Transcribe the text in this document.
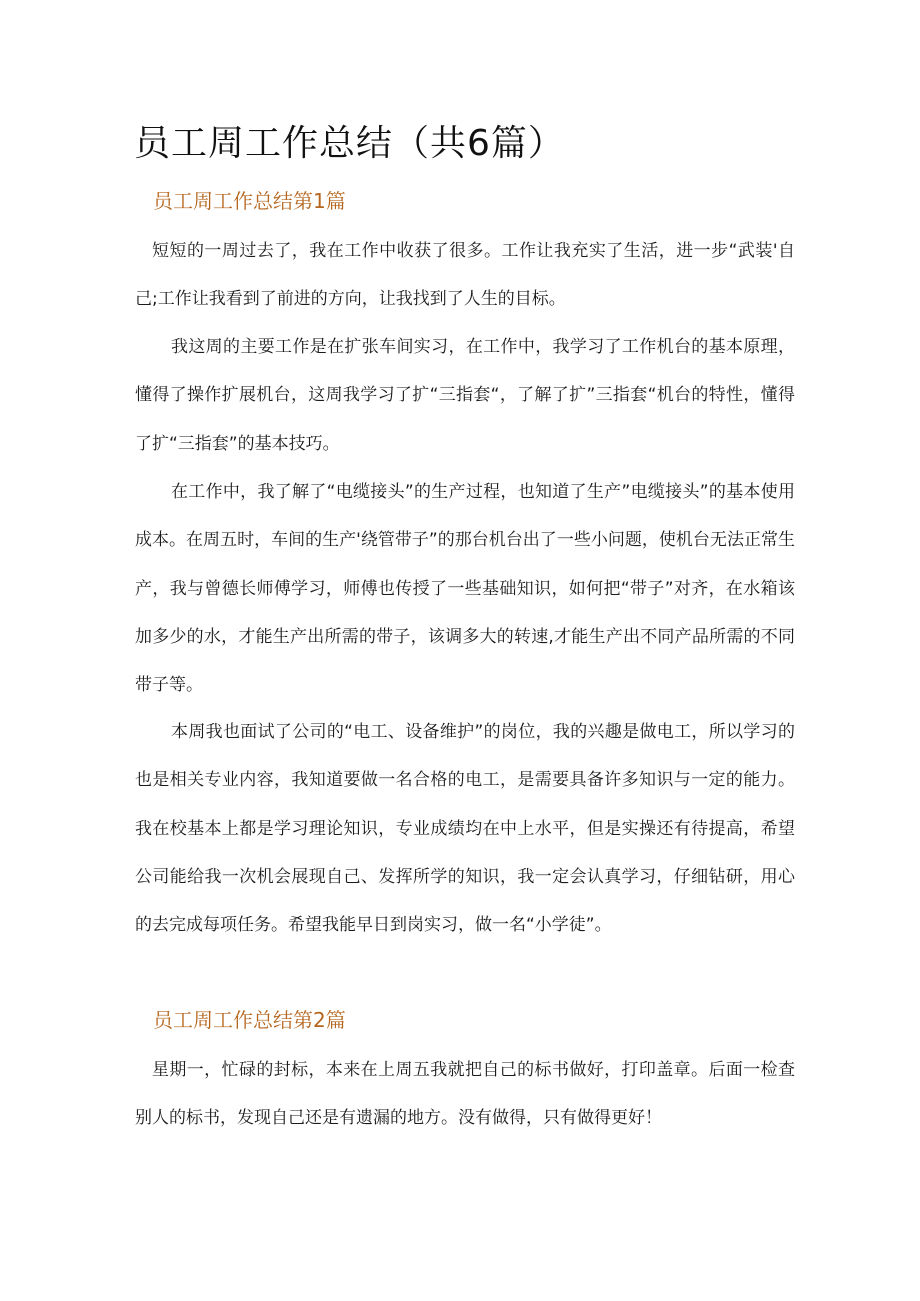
员工周工作总结（共6篇）
员工周工作总结第1篇

短短的一周过去了，我在工作中收获了很多。工作让我充实了生活，进一步“武装'自己;工作让我看到了前进的方向，让我找到了人生的目标。

我这周的主要工作是在扩张车间实习，在工作中，我学习了工作机台的基本原理，懂得了操作扩展机台，这周我学习了扩“三指套“，了解了扩”三指套“机台的特性，懂得了扩“三指套”的基本技巧。

在工作中，我了解了“电缆接头”的生产过程，也知道了生产”电缆接头”的基本使用成本。在周五时，车间的生产'绕管带子”的那台机台出了一些小问题，使机台无法正常生产，我与曾德长师傅学习，师傅也传授了一些基础知识，如何把“带子”对齐，在水箱该加多少的水，才能生产出所需的带子，该调多大的转速,才能生产出不同产品所需的不同带子等。

本周我也面试了公司的“电工、设备维护”的岗位，我的兴趣是做电工，所以学习的也是相关专业内容，我知道要做一名合格的电工，是需要具备许多知识与一定的能力。我在校基本上都是学习理论知识，专业成绩均在中上水平，但是实操还有待提高，希望公司能给我一次机会展现自己、发挥所学的知识，我一定会认真学习，仔细钻研，用心的去完成每项任务。希望我能早日到岗实习，做一名“小学徒”。

员工周工作总结第2篇

星期一，忙碌的封标，本来在上周五我就把自己的标书做好，打印盖章。后面一检查别人的标书，发现自己还是有遗漏的地方。没有做得，只有做得更好！
